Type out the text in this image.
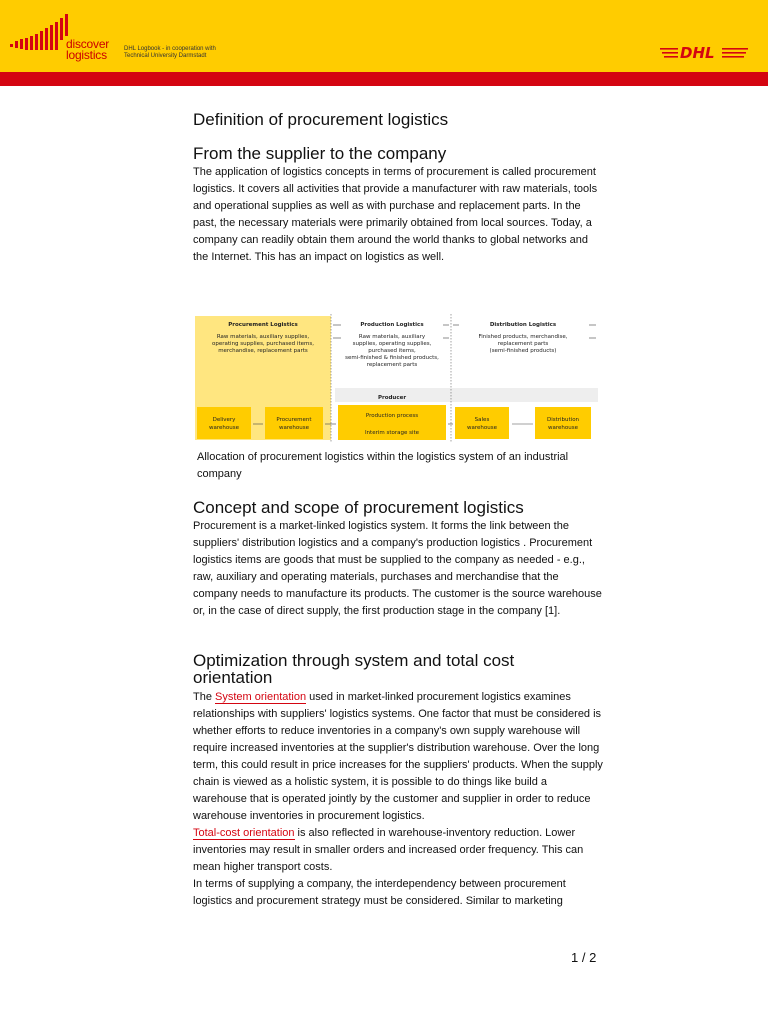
discover
logistics	DHL Logbook - in cooperation with
Technical University Darmstadt	DHL
Definition of procurement logistics
From the supplier to the company

The application of logistics concepts in terms of procurement is called procurement logistics. It covers all activities that provide a manufacturer with raw materials, tools and operational supplies as well as with purchase and replacement parts. In the past, the necessary materials were primarily obtained from local sources. Today, a company can readily obtain them around the world thanks to global networks and the Internet. This has an impact on logistics as well.

Procurement Logistics
Raw materials, auxiliary supplies,
operating supplies, purchased items,
merchandise, replacement parts
Production Logistics
Raw materials, auxiliary
supplies, operating supplies,
purchased items,
semi-finished & finished products,
replacement parts
Distribution Logistics
Finished products, merchandise,
replacement parts
(semi-finished products)
Producer
Delivery
warehouse
Procurement
warehouse
Production process
Interim storage site
Sales
warehouse
Distribution
warehouse
Allocation of procurement logistics within the logistics system of an industrial company
Concept and scope of procurement logistics

Procurement is a market-linked logistics system. It forms the link between the suppliers' distribution logistics and a company's production logistics . Procurement logistics items are goods that must be supplied to the company as needed - e.g., raw, auxiliary and operating materials, purchases and merchandise that the company needs to manufacture its products. The customer is the source warehouse or, in the case of direct supply, the first production stage in the company [1].

Optimization through system and total cost orientation

The System orientation used in market-linked procurement logistics examines relationships with suppliers' logistics systems. One factor that must be considered is whether efforts to reduce inventories in a company's own supply warehouse will require increased inventories at the supplier's distribution warehouse. Over the long term, this could result in price increases for the suppliers' products. When the supply chain is viewed as a holistic system, it is possible to do things like build a warehouse that is operated jointly by the customer and supplier in order to reduce warehouse inventories in procurement logistics.
Total-cost orientation is also reflected in warehouse-inventory reduction. Lower inventories may result in smaller orders and increased order frequency. This can mean higher transport costs.
In terms of supplying a company, the interdependency between procurement logistics and procurement strategy must be considered. Similar to marketing

1 / 2
